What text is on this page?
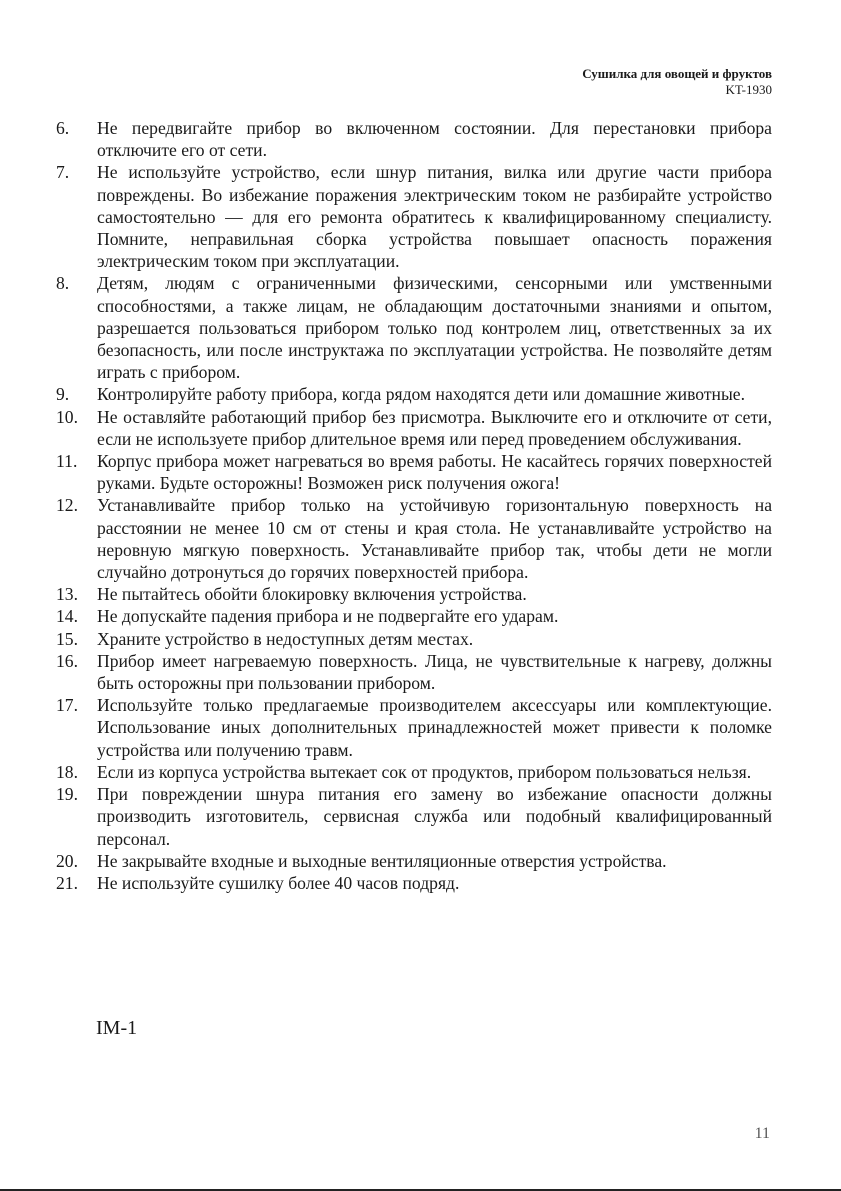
Сушилка для овощей и фруктов
KT-1930
6.	Не передвигайте прибор во включенном состоянии. Для перестановки прибора отключите его от сети.
7.	Не используйте устройство, если шнур питания, вилка или другие части прибора повреждены. Во избежание поражения электрическим током не разбирайте устройство самостоятельно — для его ремонта обратитесь к квалифицированному специалисту. Помните, неправильная сборка устройства повышает опасность поражения электрическим током при эксплуатации.
8.	Детям, людям с ограниченными физическими, сенсорными или умственными способностями, а также лицам, не обладающим достаточными знаниями и опытом, разрешается пользоваться прибором только под контролем лиц, ответственных за их безопасность, или после инструктажа по эксплуатации устройства. Не позволяйте детям играть с прибором.
9.	Контролируйте работу прибора, когда рядом находятся дети или домашние животные.
10.	Не оставляйте работающий прибор без присмотра. Выключите его и отключите от сети, если не используете прибор длительное время или перед проведением обслуживания.
11.	Корпус прибора может нагреваться во время работы. Не касайтесь горячих поверхностей руками. Будьте осторожны! Возможен риск получения ожога!
12.	Устанавливайте прибор только на устойчивую горизонтальную поверхность на расстоянии не менее 10 см от стены и края стола. Не устанавливайте устройство на неровную мягкую поверхность. Устанавливайте прибор так, чтобы дети не могли случайно дотронуться до горячих поверхностей прибора.
13.	Не пытайтесь обойти блокировку включения устройства.
14.	Не допускайте падения прибора и не подвергайте его ударам.
15.	Храните устройство в недоступных детям местах.
16.	Прибор имеет нагреваемую поверхность. Лица, не чувствительные к нагреву, должны быть осторожны при пользовании прибором.
17.	Используйте только предлагаемые производителем аксессуары или комплектующие. Использование иных дополнительных принадлежностей может привести к поломке устройства или получению травм.
18.	Если из корпуса устройства вытекает сок от продуктов, прибором пользоваться нельзя.
19.	При повреждении шнура питания его замену во избежание опасности должны производить изготовитель, сервисная служба или подобный квалифицированный персонал.
20.	Не закрывайте входные и выходные вентиляционные отверстия устройства.
21.	Не используйте сушилку более 40 часов подряд.
IM-1
11
